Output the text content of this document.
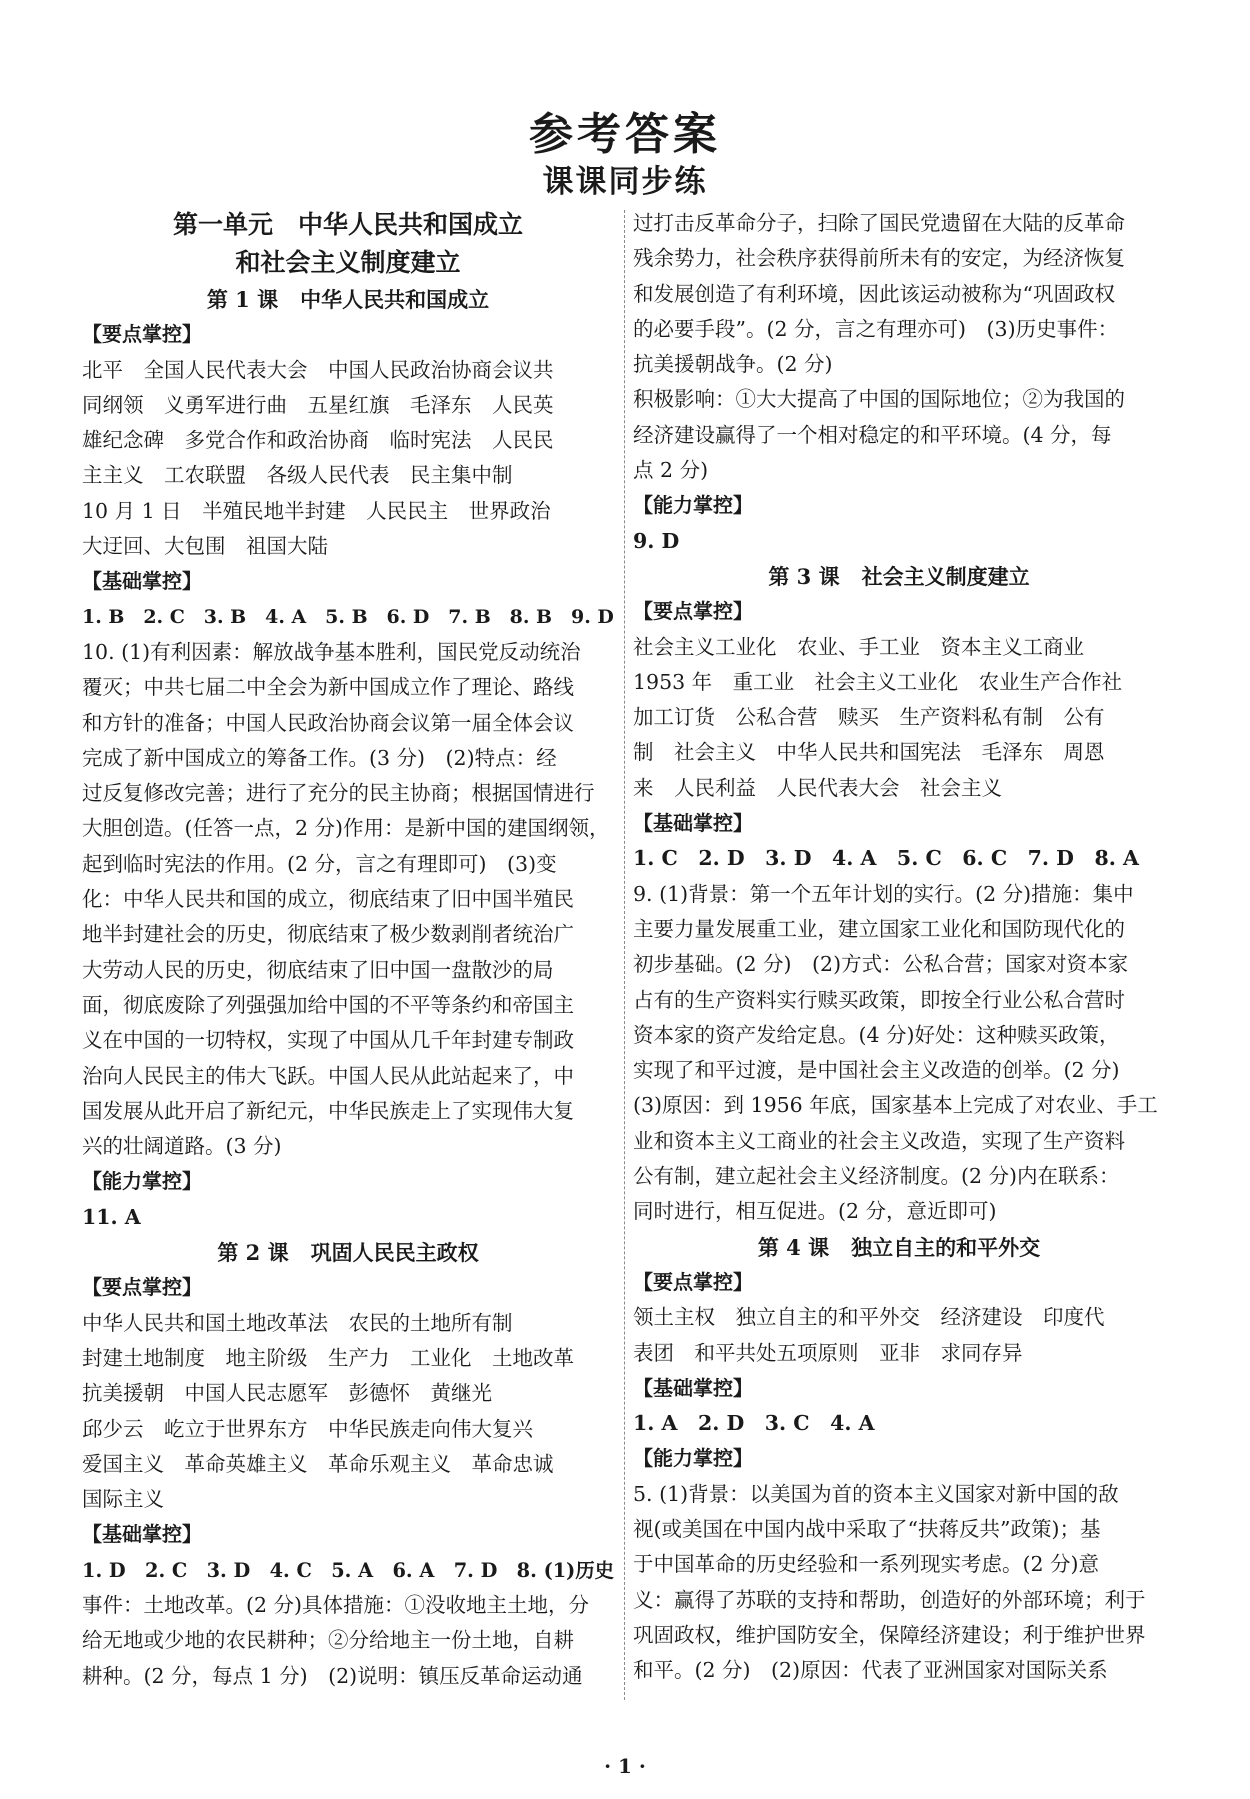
参考答案
课课同步练
第一单元　中华人民共和国成立
和社会主义制度建立
第 1 课 中华人民共和国成立
【要点掌控】
北平　全国人民代表大会　中国人民政治协商会议共
同纲领　义勇军进行曲　五星红旗　毛泽东　人民英
雄纪念碑　多党合作和政治协商　临时宪法　人民民
主主义　工农联盟　各级人民代表　民主集中制
10 月 1 日　半殖民地半封建　人民民主　世界政治
大迂回、大包围　祖国大陆
【基础掌控】
1. B　2. C　3. B　4. A　5. B　6. D　7. B　8. B　9. D
10. (1)有利因素：解放战争基本胜利，国民党反动统治
覆灭；中共七届二中全会为新中国成立作了理论、路线
和方针的准备；中国人民政治协商会议第一届全体会议
完成了新中国成立的筹备工作。(3 分)　(2)特点：经
过反复修改完善；进行了充分的民主协商；根据国情进行
大胆创造。(任答一点，2 分)作用：是新中国的建国纲领，
起到临时宪法的作用。(2 分，言之有理即可)　(3)变
化：中华人民共和国的成立，彻底结束了旧中国半殖民
地半封建社会的历史，彻底结束了极少数剥削者统治广
大劳动人民的历史，彻底结束了旧中国一盘散沙的局
面，彻底废除了列强强加给中国的不平等条约和帝国主
义在中国的一切特权，实现了中国从几千年封建专制政
治向人民民主的伟大飞跃。中国人民从此站起来了，中
国发展从此开启了新纪元，中华民族走上了实现伟大复
兴的壮阔道路。(3 分)
【能力掌控】
11. A
第 2 课 巩固人民民主政权
【要点掌控】
中华人民共和国土地改革法　农民的土地所有制
封建土地制度　地主阶级　生产力　工业化　土地改革
抗美援朝　中国人民志愿军　彭德怀　黄继光
邱少云　屹立于世界东方　中华民族走向伟大复兴
爱国主义　革命英雄主义　革命乐观主义　革命忠诚
国际主义
【基础掌控】
1. D　2. C　3. D　4. C　5. A　6. A　7. D　8. (1)历史
事件：土地改革。(2 分)具体措施：①没收地主土地，分
给无地或少地的农民耕种；②分给地主一份土地，自耕
耕种。(2 分，每点 1 分)　(2)说明：镇压反革命运动通
过打击反革命分子，扫除了国民党遗留在大陆的反革命
残余势力，社会秩序获得前所未有的安定，为经济恢复
和发展创造了有利环境，因此该运动被称为“巩固政权
的必要手段”。(2 分，言之有理亦可)　(3)历史事件：
抗美援朝战争。(2 分)
积极影响：①大大提高了中国的国际地位；②为我国的
经济建设赢得了一个相对稳定的和平环境。(4 分，每
点 2 分)
【能力掌控】
9. D
第 3 课 社会主义制度建立
【要点掌控】
社会主义工业化　农业、手工业　资本主义工商业
1953 年　重工业　社会主义工业化　农业生产合作社
加工订货　公私合营　赎买　生产资料私有制　公有
制　社会主义　中华人民共和国宪法　毛泽东　周恩
来　人民利益　人民代表大会　社会主义
【基础掌控】
1. C　2. D　3. D　4. A　5. C　6. C　7. D　8. A
9. (1)背景：第一个五年计划的实行。(2 分)措施：集中
主要力量发展重工业，建立国家工业化和国防现代化的
初步基础。(2 分)　(2)方式：公私合营；国家对资本家
占有的生产资料实行赎买政策，即按全行业公私合营时
资本家的资产发给定息。(4 分)好处：这种赎买政策，
实现了和平过渡，是中国社会主义改造的创举。(2 分)
(3)原因：到 1956 年底，国家基本上完成了对农业、手工
业和资本主义工商业的社会主义改造，实现了生产资料
公有制，建立起社会主义经济制度。(2 分)内在联系：
同时进行，相互促进。(2 分，意近即可)
第 4 课 独立自主的和平外交
【要点掌控】
领土主权　独立自主的和平外交　经济建设　印度代
表团　和平共处五项原则　亚非　求同存异
【基础掌控】
1. A　2. D　3. C　4. A
【能力掌控】
5. (1)背景：以美国为首的资本主义国家对新中国的敌
视(或美国在中国内战中采取了“扶蒋反共”政策)；基
于中国革命的历史经验和一系列现实考虑。(2 分)意
义：赢得了苏联的支持和帮助，创造好的外部环境；利于
巩固政权，维护国防安全，保障经济建设；利于维护世界
和平。(2 分)　(2)原因：代表了亚洲国家对国际关系
· 1 ·
